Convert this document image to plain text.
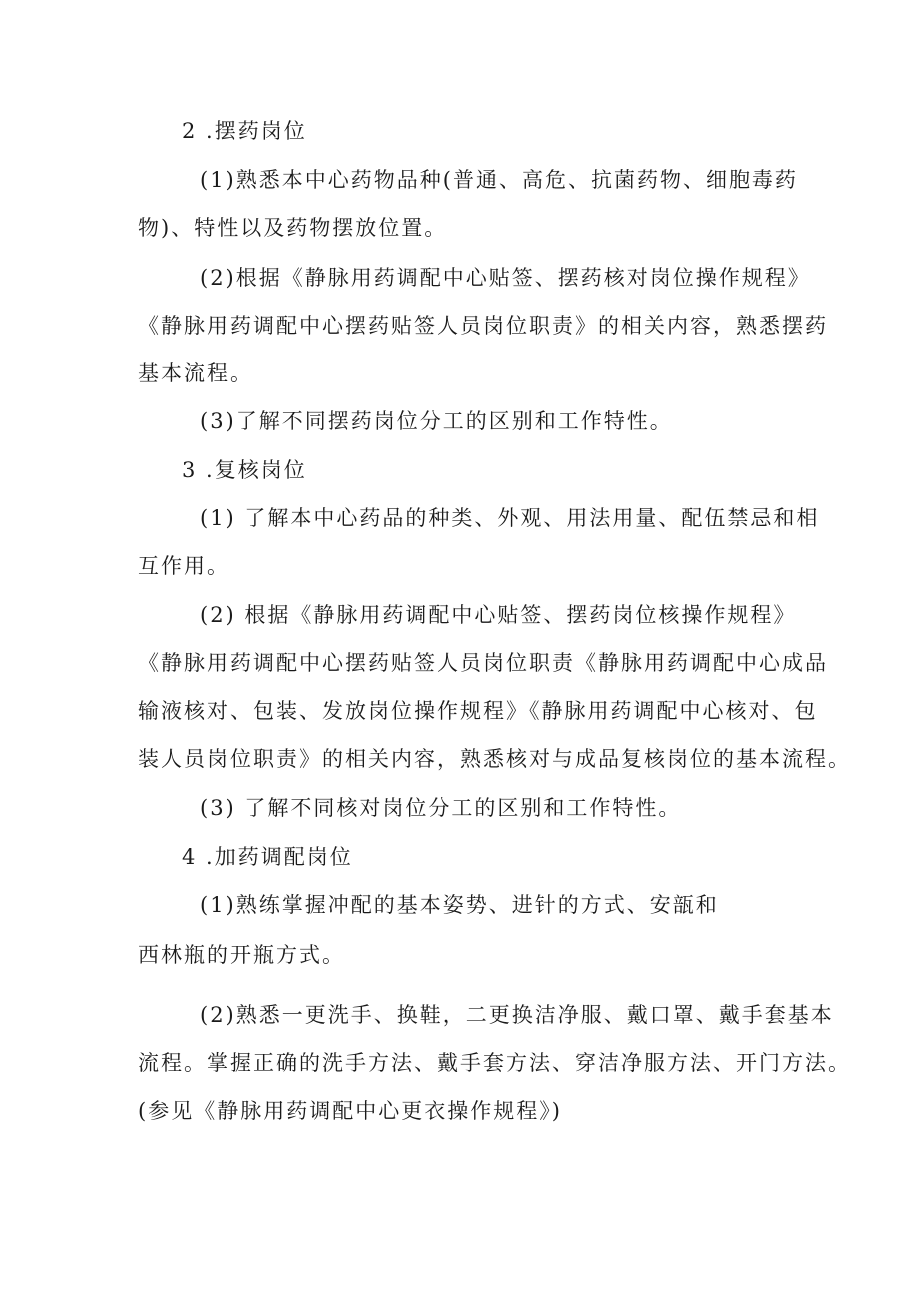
2 .摆药岗位
(1)熟悉本中心药物品种(普通、高危、抗菌药物、细胞毒药
物)、特性以及药物摆放位置。
(2)根据《静脉用药调配中心贴签、摆药核对岗位操作规程》
《静脉用药调配中心摆药贴签人员岗位职责》的相关内容，熟悉摆药
基本流程。
(3)了解不同摆药岗位分工的区别和工作特性。
3 .复核岗位
(1) 了解本中心药品的种类、外观、用法用量、配伍禁忌和相
互作用。
(2) 根据《静脉用药调配中心贴签、摆药岗位核操作规程》
《静脉用药调配中心摆药贴签人员岗位职责《静脉用药调配中心成品
输液核对、包装、发放岗位操作规程》《静脉用药调配中心核对、包
装人员岗位职责》的相关内容，熟悉核对与成品复核岗位的基本流程。
(3) 了解不同核对岗位分工的区别和工作特性。
4 .加药调配岗位
(1)熟练掌握冲配的基本姿势、进针的方式、安瓿和
西林瓶的开瓶方式。
(2)熟悉一更洗手、换鞋，二更换洁净服、戴口罩、戴手套基本
流程。掌握正确的洗手方法、戴手套方法、穿洁净服方法、开门方法。
(参见《静脉用药调配中心更衣操作规程》)
